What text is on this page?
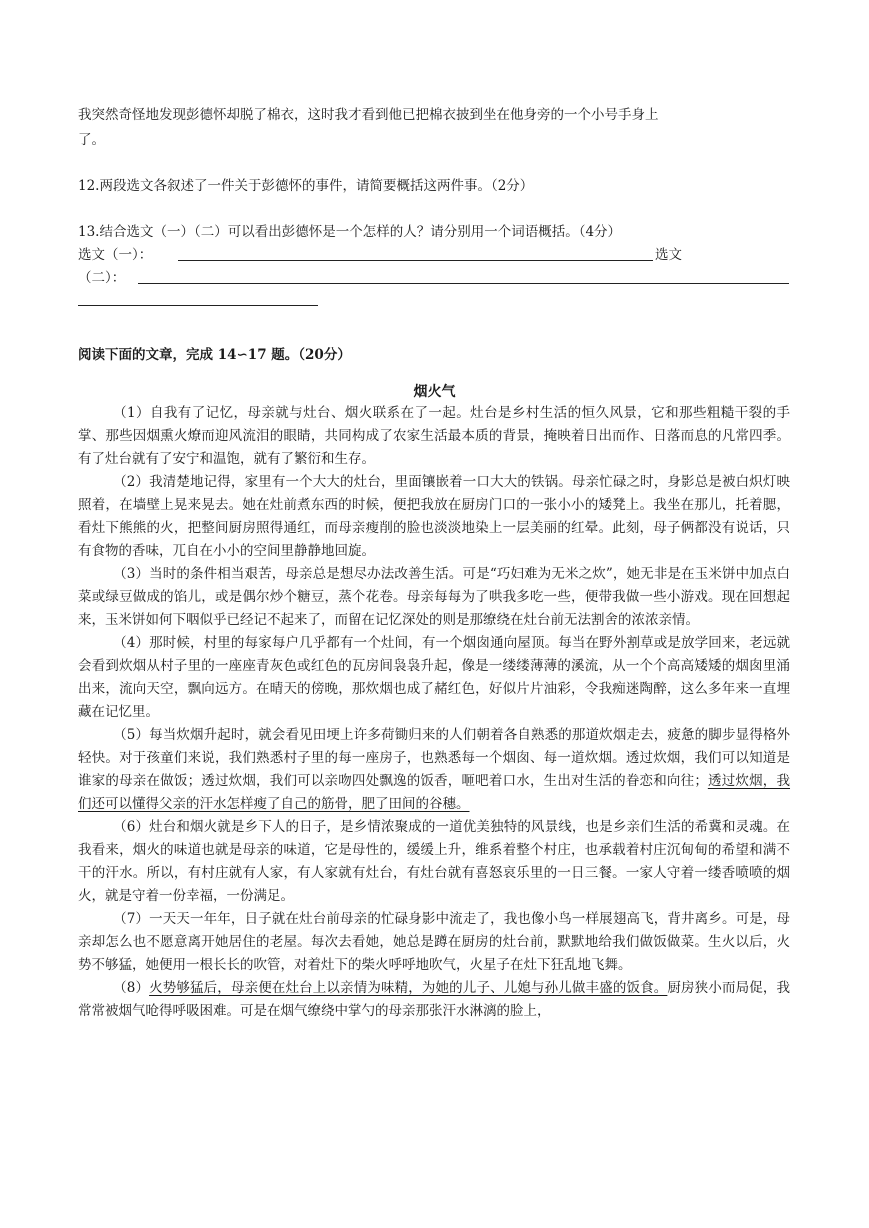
我突然奇怪地发现彭德怀却脱了棉衣，这时我才看到他已把棉衣披到坐在他身旁的一个小号手身上
了。
12.两段选文各叙述了一件关于彭德怀的事件，请简要概括这两件事。（2分）
13.结合选文（一）（二）可以看出彭德怀是一个怎样的人？请分别用一个词语概括。（4分）
选文（一）：	选文
（二）：
阅读下面的文章，完成 14∽17 题。（20分）
烟火气

（1）自我有了记忆，母亲就与灶台、烟火联系在了一起。灶台是乡村生活的恒久风景，它和那些粗糙干裂的手掌、那些因烟熏火燎而迎风流泪的眼睛，共同构成了农家生活最本质的背景，掩映着日出而作、日落而息的凡常四季。有了灶台就有了安宁和温饱，就有了繁衍和生存。

（2）我清楚地记得，家里有一个大大的灶台，里面镶嵌着一口大大的铁锅。母亲忙碌之时，身影总是被白炽灯映照着，在墙壁上晃来晃去。她在灶前煮东西的时候，便把我放在厨房门口的一张小小的矮凳上。我坐在那儿，托着腮，看灶下熊熊的火，把整间厨房照得通红，而母亲瘦削的脸也淡淡地染上一层美丽的红晕。此刻，母子俩都没有说话，只有食物的香味，兀自在小小的空间里静静地回旋。

（3）当时的条件相当艰苦，母亲总是想尽办法改善生活。可是“巧妇难为无米之炊”，她无非是在玉米饼中加点白菜或绿豆做成的馅儿，或是偶尔炒个糖豆，蒸个花卷。母亲每每为了哄我多吃一些，便带我做一些小游戏。现在回想起来，玉米饼如何下咽似乎已经记不起来了，而留在记忆深处的则是那缭绕在灶台前无法割舍的浓浓亲情。

（4）那时候，村里的每家每户几乎都有一个灶间，有一个烟囱通向屋顶。每当在野外割草或是放学回来，老远就会看到炊烟从村子里的一座座青灰色或红色的瓦房间袅袅升起，像是一缕缕薄薄的溪流，从一个个高高矮矮的烟囱里涌出来，流向天空，飘向远方。在晴天的傍晚，那炊烟也成了赭红色，好似片片油彩，令我痴迷陶醉，这么多年来一直埋藏在记忆里。

（5）每当炊烟升起时，就会看见田埂上许多荷锄归来的人们朝着各自熟悉的那道炊烟走去，疲惫的脚步显得格外轻快。对于孩童们来说，我们熟悉村子里的每一座房子，也熟悉每一个烟囱、每一道炊烟。透过炊烟，我们可以知道是谁家的母亲在做饭；透过炊烟，我们可以亲吻四处飘逸的饭香，咂吧着口水，生出对生活的眷恋和向往；透过炊烟，我们还可以懂得父亲的汗水怎样瘦了自己的筋骨，肥了田间的谷穗。

（6）灶台和烟火就是乡下人的日子，是乡情浓聚成的一道优美独特的风景线，也是乡亲们生活的希冀和灵魂。在我看来，烟火的味道也就是母亲的味道，它是母性的，缓缓上升，维系着整个村庄，也承载着村庄沉甸甸的希望和满不干的汗水。所以，有村庄就有人家，有人家就有灶台，有灶台就有喜怒哀乐里的一日三餐。一家人守着一缕香喷喷的烟火，就是守着一份幸福，一份满足。

（7）一天天一年年，日子就在灶台前母亲的忙碌身影中流走了，我也像小鸟一样展翅高飞，背井离乡。可是，母亲却怎么也不愿意离开她居住的老屋。每次去看她，她总是蹲在厨房的灶台前，默默地给我们做饭做菜。生火以后，火势不够猛，她便用一根长长的吹管，对着灶下的柴火呼呼地吹气，火星子在灶下狂乱地飞舞。

（8）火势够猛后，母亲便在灶台上以亲情为味精，为她的儿子、儿媳与孙儿做丰盛的饭食。厨房狭小而局促，我常常被烟气呛得呼吸困难。可是在烟气缭绕中掌勺的母亲那张汗水淋漓的脸上，
